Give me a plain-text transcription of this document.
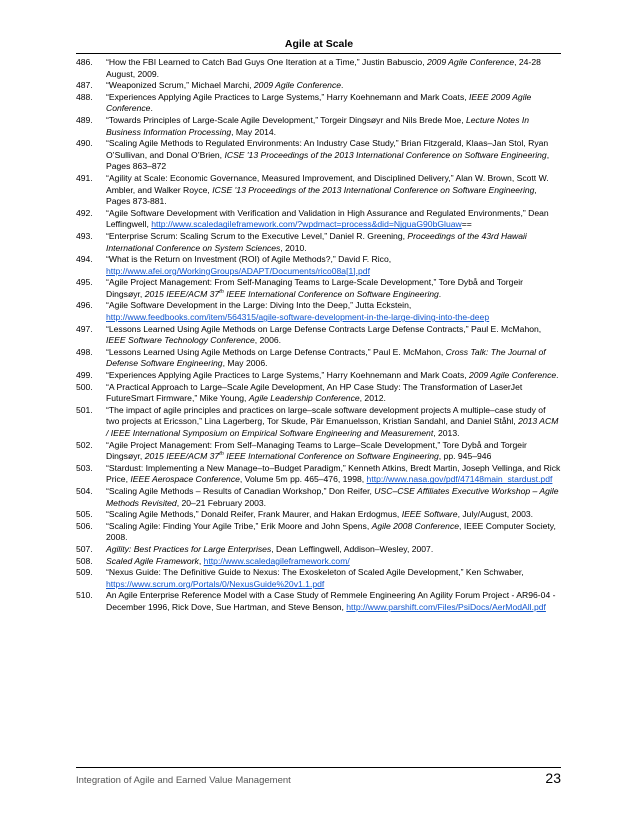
Agile at Scale
486. “How the FBI Learned to Catch Bad Guys One Iteration at a Time,” Justin Babuscio, 2009 Agile Conference, 24-28 August, 2009.
487. “Weaponized Scrum,” Michael Marchi, 2009 Agile Conference.
488. “Experiences Applying Agile Practices to Large Systems,” Harry Koehnemann and Mark Coats, IEEE 2009 Agile Conference.
489. “Towards Principles of Large-Scale Agile Development,” Torgeir Dingsøyr and Nils Brede Moe, Lecture Notes In Business Information Processing, May 2014.
490. “Scaling Agile Methods to Regulated Environments: An Industry Case Study,” Brian Fitzgerald, Klaas–Jan Stol, Ryan O’Sullivan, and Donal O’Brien, ICSE '13 Proceedings of the 2013 International Conference on Software Engineering, Pages 863–872
491. “Agility at Scale: Economic Governance, Measured Improvement, and Disciplined Delivery,” Alan W. Brown, Scott W. Ambler, and Walker Royce, ICSE '13 Proceedings of the 2013 International Conference on Software Engineering, Pages 873-881.
492. “Agile Software Development with Verification and Validation in High Assurance and Regulated Environments,” Dean Leffingwell, http://www.scaledagileframework.com/?wpdmact=process&did=NjguaG90bGluaw==
493. “Enterprise Scrum: Scaling Scrum to the Executive Level,” Daniel R. Greening, Proceedings of the 43rd Hawaii International Conference on System Sciences, 2010.
494. “What is the Return on Investment (ROI) of Agile Methods?,” David F. Rico, http://www.afei.org/WorkingGroups/ADAPT/Documents/rico08a[1].pdf
495. “Agile Project Management: From Self-Managing Teams to Large-Scale Development,” Tore Dybå and Torgeir Dingsøyr, 2015 IEEE/ACM 37th IEEE International Conference on Software Engineering.
496. “Agile Software Development in the Large: Diving Into the Deep,” Jutta Eckstein, http://www.feedbooks.com/item/564315/agile-software-development-in-the-large-diving-into-the-deep
497. “Lessons Learned Using Agile Methods on Large Defense Contracts Large Defense Contracts,” Paul E. McMahon, IEEE Software Technology Conference, 2006.
498. “Lessons Learned Using Agile Methods on Large Defense Contracts,” Paul E. McMahon, Cross Talk: The Journal of Defense Software Engineering, May 2006.
499. “Experiences Applying Agile Practices to Large Systems,” Harry Koehnemann and Mark Coats, 2009 Agile Conference.
500. “A Practical Approach to Large–Scale Agile Development, An HP Case Study: The Transformation of LaserJet FutureSmart Firmware,” Mike Young, Agile Leadership Conference, 2012.
501. “The impact of agile principles and practices on large–scale software development projects A multiple–case study of two projects at Ericsson,” Lina Lagerberg, Tor Skude, Pär Emanuelsson, Kristian Sandahl, and Daniel Ståhl, 2013 ACM / IEEE International Symposium on Empirical Software Engineering and Measurement, 2013.
502. “Agile Project Management: From Self–Managing Teams to Large–Scale Development,” Tore Dybå and Torgeir Dingsøyr, 2015 IEEE/ACM 37th IEEE International Conference on Software Engineering, pp. 945–946
503. “Stardust: Implementing a New Manage–to–Budget Paradigm,” Kenneth Atkins, Bredt Martin, Joseph Vellinga, and Rick Price, IEEE Aerospace Conference, Volume 5m pp. 465–476, 1998, http://www.nasa.gov/pdf/47148main_stardust.pdf
504. “Scaling Agile Methods – Results of Canadian Workshop,” Don Reifer, USC–CSE Affiliates Executive Workshop – Agile Methods Revisited, 20–21 February 2003.
505. “Scaling Agile Methods,” Donald Reifer, Frank Maurer, and Hakan Erdogmus, IEEE Software, July/August, 2003.
506. “Scaling Agile: Finding Your Agile Tribe,” Erik Moore and John Spens, Agile 2008 Conference, IEEE Computer Society, 2008.
507. Agility: Best Practices for Large Enterprises, Dean Leffingwell, Addison–Wesley, 2007.
508. Scaled Agile Framework, http://www.scaledagileframework.com/
509. “Nexus Guide: The Definitive Guide to Nexus: The Exoskeleton of Scaled Agile Development,” Ken Schwaber, https://www.scrum.org/Portals/0/NexusGuide%20v1.1.pdf
510. An Agile Enterprise Reference Model with a Case Study of Remmele Engineering An Agility Forum Project - AR96-04 - December 1996, Rick Dove, Sue Hartman, and Steve Benson, http://www.parshift.com/Files/PsiDocs/AerModAll.pdf
Integration of Agile and Earned Value Management	23
